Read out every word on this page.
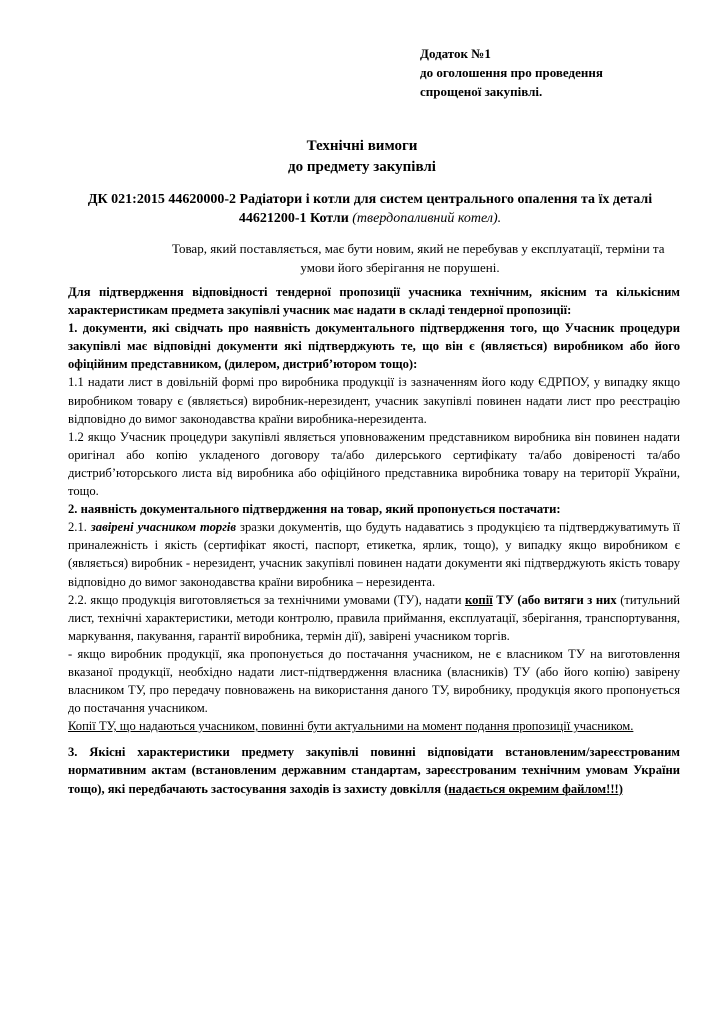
Додаток №1
до оголошення про проведення
спрощеної закупівлі.
Технічні вимоги
до предмету закупівлі
ДК 021:2015 44620000-2 Радіатори і котли для систем центрального опалення та їх деталі
44621200-1 Котли (твердопаливний котел).
Товар, який поставляється, має бути новим, який не перебував у експлуатації, терміни та
умови його зберігання не порушені.

Для підтвердження відповідності тендерної пропозиції учасника технічним, якісним та кількісним характеристикам предмета закупівлі учасник має надати в складі тендерної пропозиції:

1. документи, які свідчать про наявність документального підтвердження того, що Учасник процедури закупівлі має відповідні документи які підтверджують те, що він є (являється) виробником або його офіційним представником, (дилером, дистриб’ютором тощо):

1.1 надати лист в довільній формі про виробника продукції із зазначенням його коду ЄДРПОУ, у випадку якщо виробником товару є (являється) виробник-нерезидент, учасник закупівлі повинен надати лист про реєстрацію відповідно до вимог законодавства країни виробника-нерезидента.

1.2 якщо Учасник процедури закупівлі являється уповноваженим представником виробника він повинен надати оригінал або копію укладеного договору та/або дилерського сертифікату та/або довіреності та/або дистриб’юторського листа від виробника або офіційного представника виробника товару на території України, тощо.

2. наявність документального підтвердження на товар, який пропонується постачати:

2.1. завірені учасником торгів зразки документів, що будуть надаватись з продукцією та підтверджуватимуть її приналежність і якість (сертифікат якості, паспорт, етикетка, ярлик, тощо), у випадку якщо виробником є (являється) виробник - нерезидент, учасник закупівлі повинен надати документи які підтверджують якість товару відповідно до вимог законодавства країни виробника – нерезидента.

2.2. якщо продукція виготовляється за технічними умовами (ТУ), надати копії ТУ (або витяги з них (титульний лист, технічні характеристики, методи контролю, правила приймання, експлуатації, зберігання, транспортування, маркування, пакування, гарантії виробника, термін дії), завірені учасником торгів.

- якщо виробник продукції, яка пропонується до постачання учасником, не є власником ТУ на виготовлення вказаної продукції, необхідно надати лист-підтвердження власника (власників) ТУ (або його копію) завірену власником ТУ, про передачу повноважень на використання даного ТУ, виробнику, продукція якого пропонується до постачання учасником.

Копії ТУ, що надаються учасником, повинні бути актуальними на момент подання пропозиції учасником.

3. Якісні характеристики предмету закупівлі повинні відповідати встановленим/зареєстрованим нормативним актам (встановленим державним стандартам, зареєстрованим технічним умовам України тощо), які передбачають застосування заходів із захисту довкілля (надається окремим файлом!!!)
